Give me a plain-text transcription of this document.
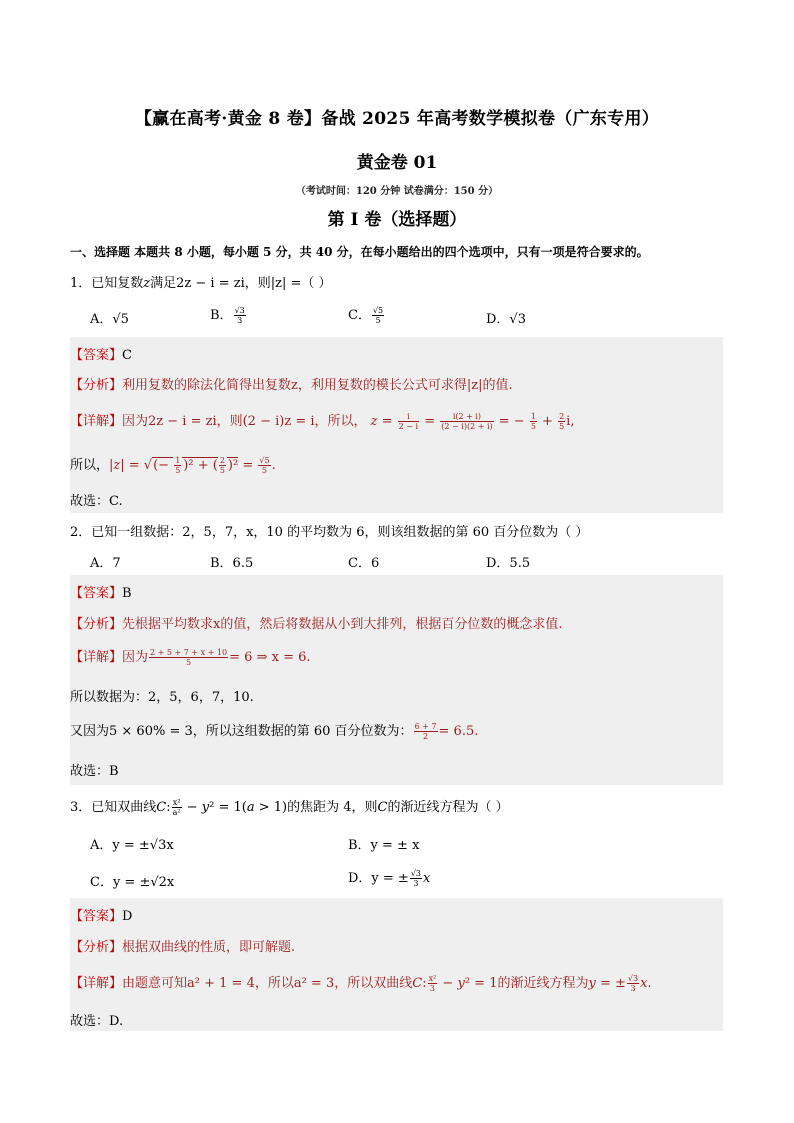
【赢在高考·黄金 8 卷】备战 2025 年高考数学模拟卷（广东专用）
黄金卷 01
（考试时间：120 分钟 试卷满分：150 分）
第 I 卷（选择题）
一、选择题 本题共 8 小题，每小题 5 分，共 40 分，在每小题给出的四个选项中，只有一项是符合要求的。
1．已知复数z满足2z − i = zi，则|z| =（ ）
A．√5	B． $\frac{√3}{3}$	C． $\frac{√5}{5}$	D．√3
【答案】C
【分析】利用复数的除法化简得出复数z，利用复数的模长公式可求得|z|的值.
【详解】因为2z − i = zi，则(2 − i)z = i，所以， $z = \frac{i}{2 - i} = \frac{i(2 + i)}{(2 - i)(2 + i)}$ = − $\frac{1}{5} + \frac{2}{5} i$,
所以，|z| = √(− $\frac{1}{5} )^2$ + ( $\frac{2}{5} )^2 = \frac{√5}{5}$ .
故选：C.
2．已知一组数据：2，5，7，x，10 的平均数为 6，则该组数据的第 60 百分位数为（ ）
A．7	B．6.5	C．6	D．5.5
【答案】B
【分析】先根据平均数求x的值，然后将数据从小到大排列，根据百分位数的概念求值.
【详解】因为 $\frac{2 + 5 + 7 + x + 10}{5} = 6$ ⇒ x = 6.
所以数据为：2，5，6，7，10.
又因为5 × 60% = 3，所以这组数据的第 60 百分位数为： $\frac{6 + 7}{2} = 6.5$.
故选：B
3．已知双曲线C: $\frac{\text{x²}}{\text{a²}} - y^2 = 1(a > 1)$的焦距为 4，则C的渐近线方程为（ ）
A．y = ±√3x	B．y = ± x
C．y = ±√2x	D．y = ± $\frac{√3}{3}$ x
【答案】D
【分析】根据双曲线的性质，即可解题.
【详解】由题意可知a² + 1 = 4，所以a² = 3，所以双曲线C: $\frac{\text{x²}}{3} - y^2 = 1$的渐近线方程为y = ± $\frac{√3}{3} x$.
故选：D.
